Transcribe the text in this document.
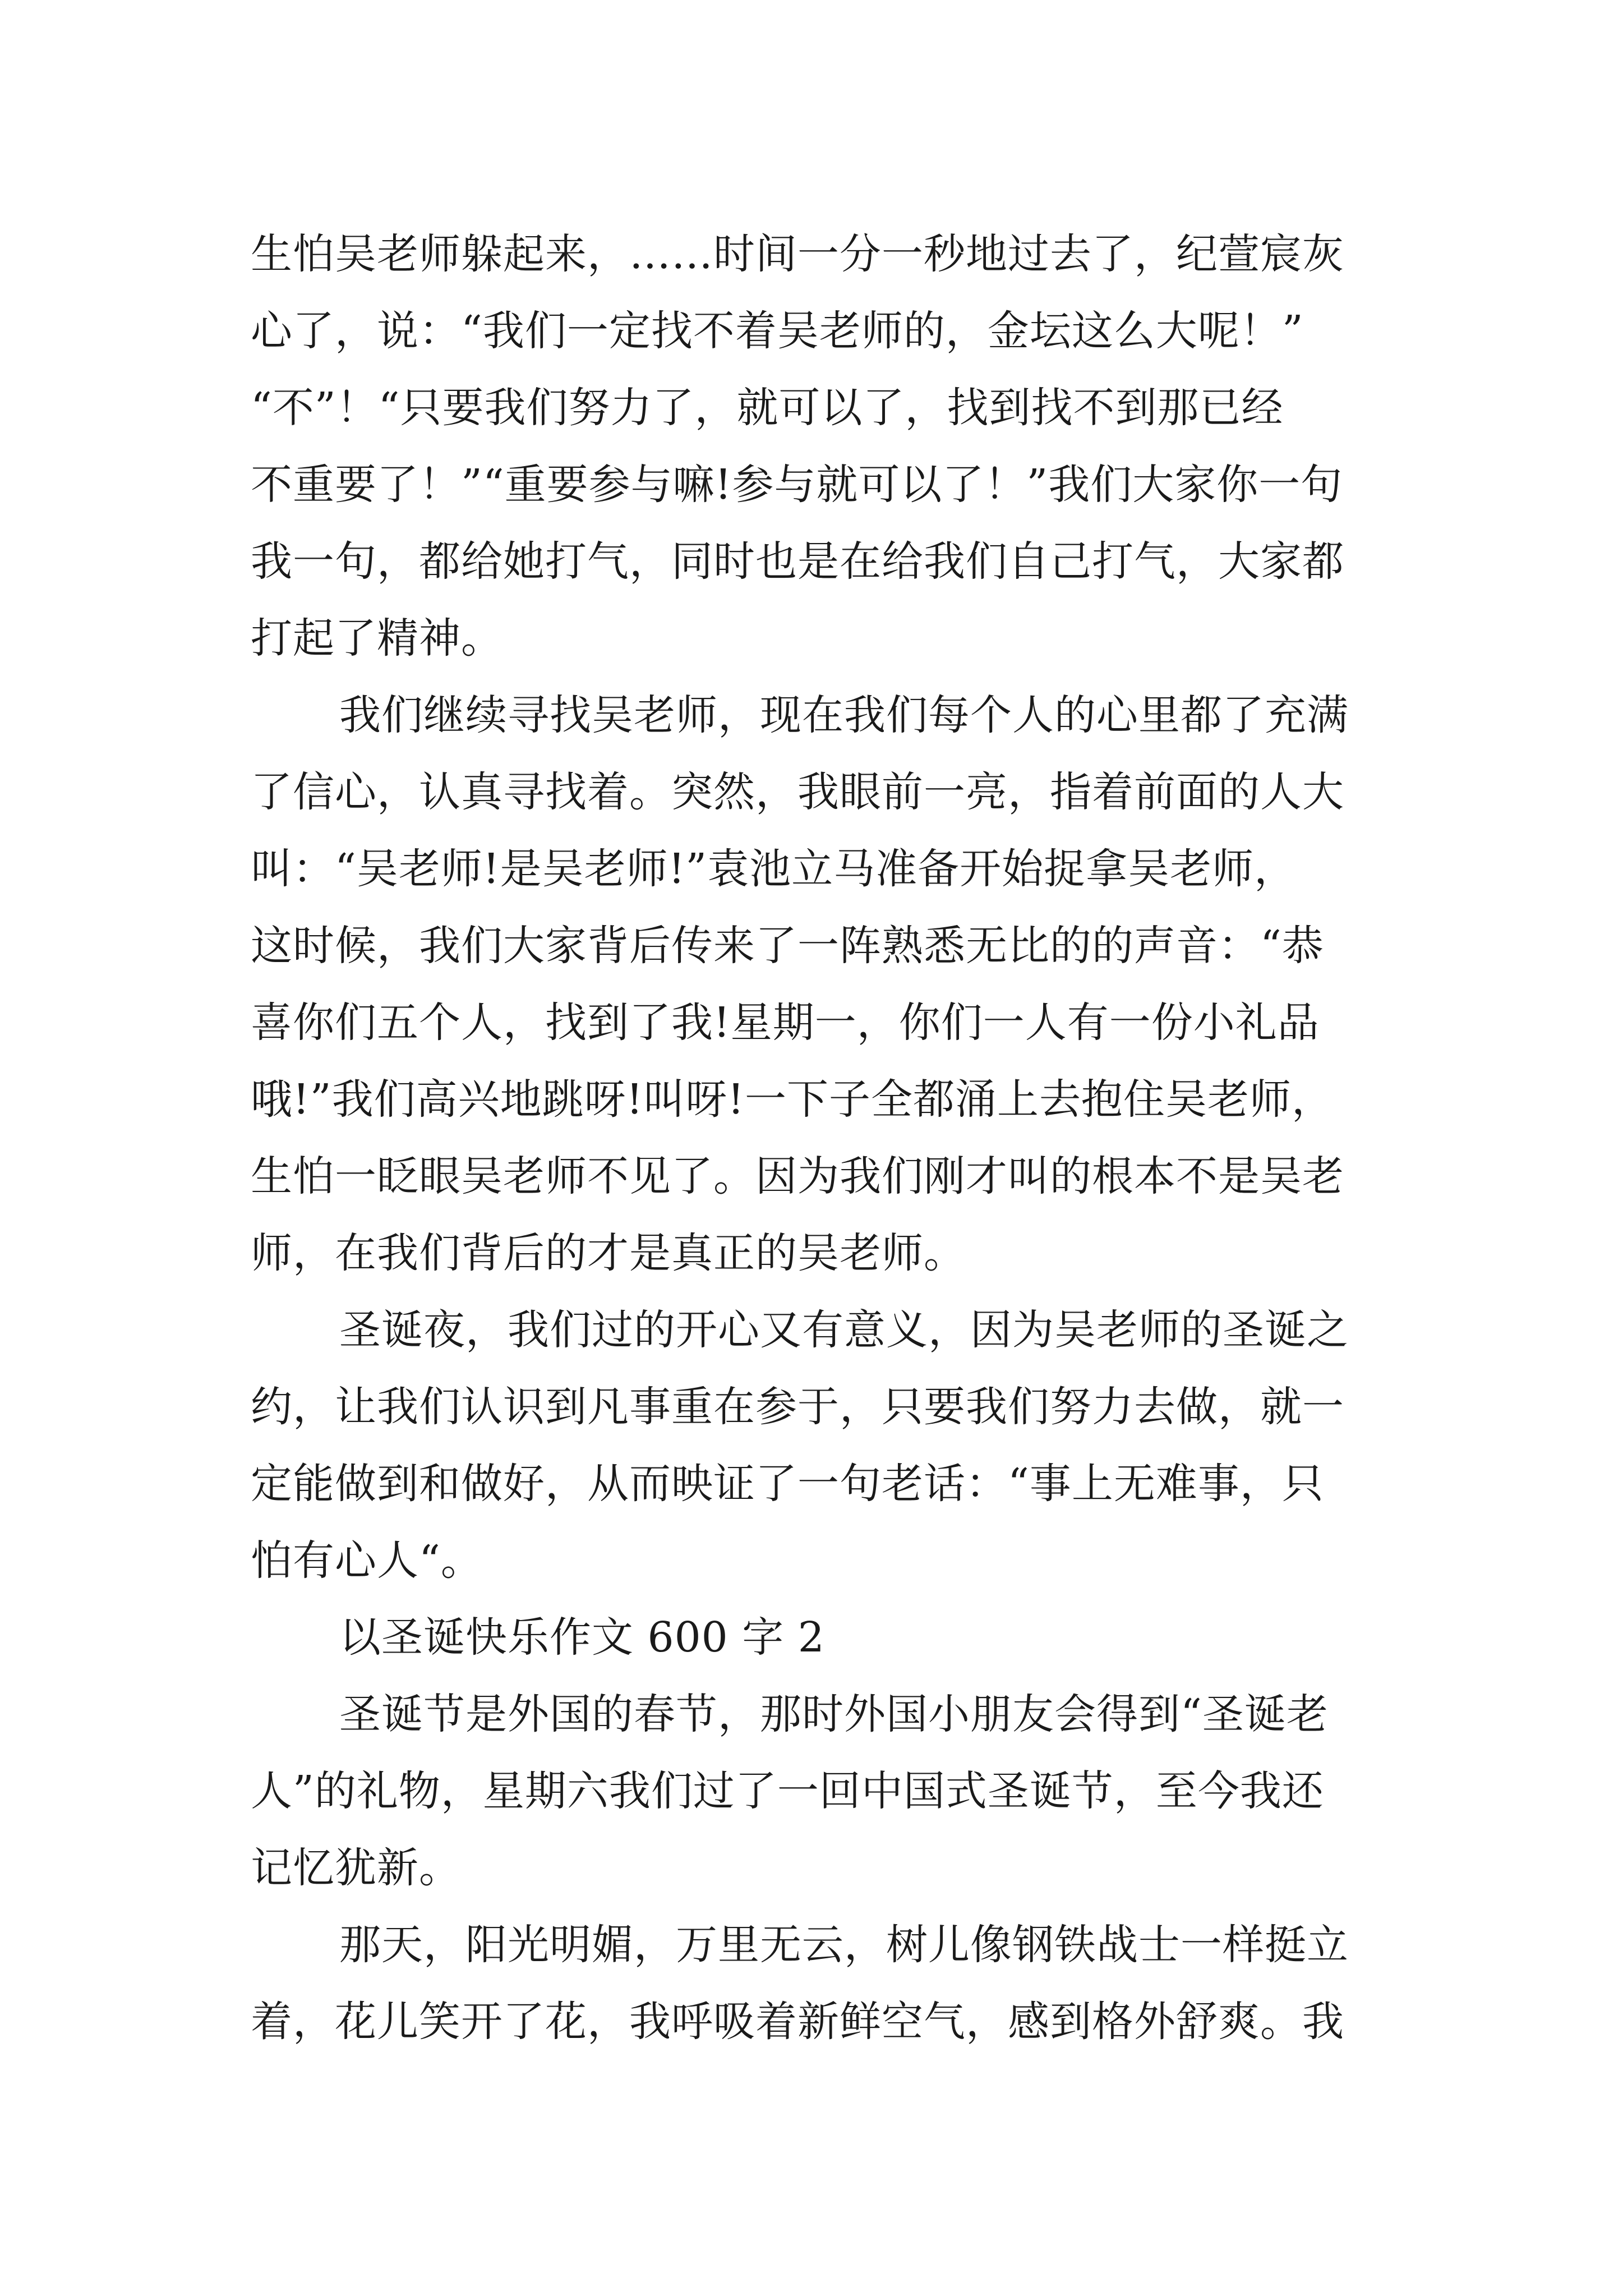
生怕吴老师躲起来，……时间一分一秒地过去了，纪萱宸灰
心了，说：“我们一定找不着吴老师的，金坛这么大呢！”
“不”！“只要我们努力了，就可以了，找到找不到那已经
不重要了！”“重要参与嘛!参与就可以了！”我们大家你一句
我一句，都给她打气，同时也是在给我们自己打气，大家都
打起了精神。
我们继续寻找吴老师，现在我们每个人的心里都了充满
了信心，认真寻找着。突然，我眼前一亮，指着前面的人大
叫：“吴老师!是吴老师!”袁池立马准备开始捉拿吴老师，
这时候，我们大家背后传来了一阵熟悉无比的的声音：“恭
喜你们五个人，找到了我!星期一，你们一人有一份小礼品
哦!”我们高兴地跳呀!叫呀!一下子全都涌上去抱住吴老师，
生怕一眨眼吴老师不见了。因为我们刚才叫的根本不是吴老
师，在我们背后的才是真正的吴老师。
圣诞夜，我们过的开心又有意义，因为吴老师的圣诞之
约，让我们认识到凡事重在参于，只要我们努力去做，就一
定能做到和做好，从而映证了一句老话：“事上无难事，只
怕有心人“。
以圣诞快乐作文 600 字 2
圣诞节是外国的春节，那时外国小朋友会得到“圣诞老
人”的礼物，星期六我们过了一回中国式圣诞节，至今我还
记忆犹新。
那天，阳光明媚，万里无云，树儿像钢铁战士一样挺立
着，花儿笑开了花，我呼吸着新鲜空气，感到格外舒爽。我
